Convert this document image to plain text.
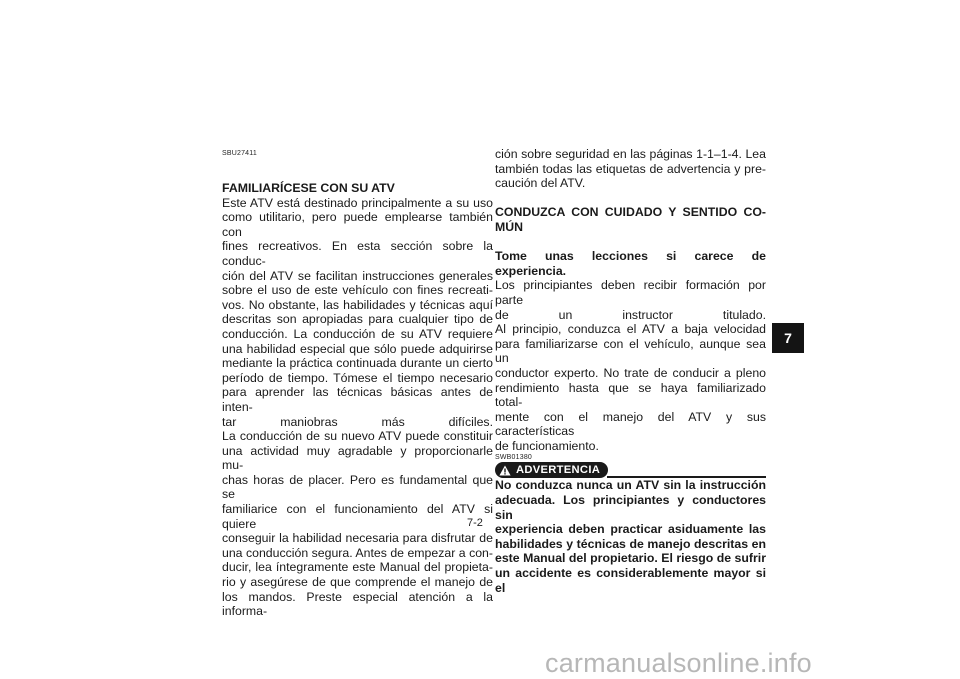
SBU27411

FAMILIARÍCESE CON SU ATV

Este ATV está destinado principalmente a su uso
como utilitario, pero puede emplearse también con
fines recreativos. En esta sección sobre la conduc-
ción del ATV se facilitan instrucciones generales
sobre el uso de este vehículo con fines recreati-
vos. No obstante, las habilidades y técnicas aquí
descritas son apropiadas para cualquier tipo de
conducción. La conducción de su ATV requiere
una habilidad especial que sólo puede adquirirse
mediante la práctica continuada durante un cierto
período de tiempo. Tómese el tiempo necesario
para aprender las técnicas básicas antes de inten-
tar maniobras más difíciles.
La conducción de su nuevo ATV puede constituir
una actividad muy agradable y proporcionarle mu-
chas horas de placer. Pero es fundamental que se
familiarice con el funcionamiento del ATV si quiere
conseguir la habilidad necesaria para disfrutar de
una conducción segura. Antes de empezar a con-
ducir, lea íntegramente este Manual del propieta-
rio y asegúrese de que comprende el manejo de
los mandos. Preste especial atención a la informa-
ción sobre seguridad en las páginas 1-1–1-4. Lea
también todas las etiquetas de advertencia y pre-
caución del ATV.
CONDUZCA CON CUIDADO Y SENTIDO CO-
MÚN

Tome unas lecciones si carece de experiencia.

Los principiantes deben recibir formación por parte
de un instructor titulado.
Al principio, conduzca el ATV a baja velocidad
para familiarizarse con el vehículo, aunque sea un
conductor experto. No trate de conducir a pleno
rendimiento hasta que se haya familiarizado total-
mente con el manejo del ATV y sus características
de funcionamiento.
SWB01380
ADVERTENCIA
No conduzca nunca un ATV sin la instrucción
adecuada. Los principiantes y conductores sin
experiencia deben practicar asiduamente las
habilidades y técnicas de manejo descritas en
este Manual del propietario. El riesgo de sufrir
un accidente es considerablemente mayor si el
7
7-2
carmanualsonline.info
